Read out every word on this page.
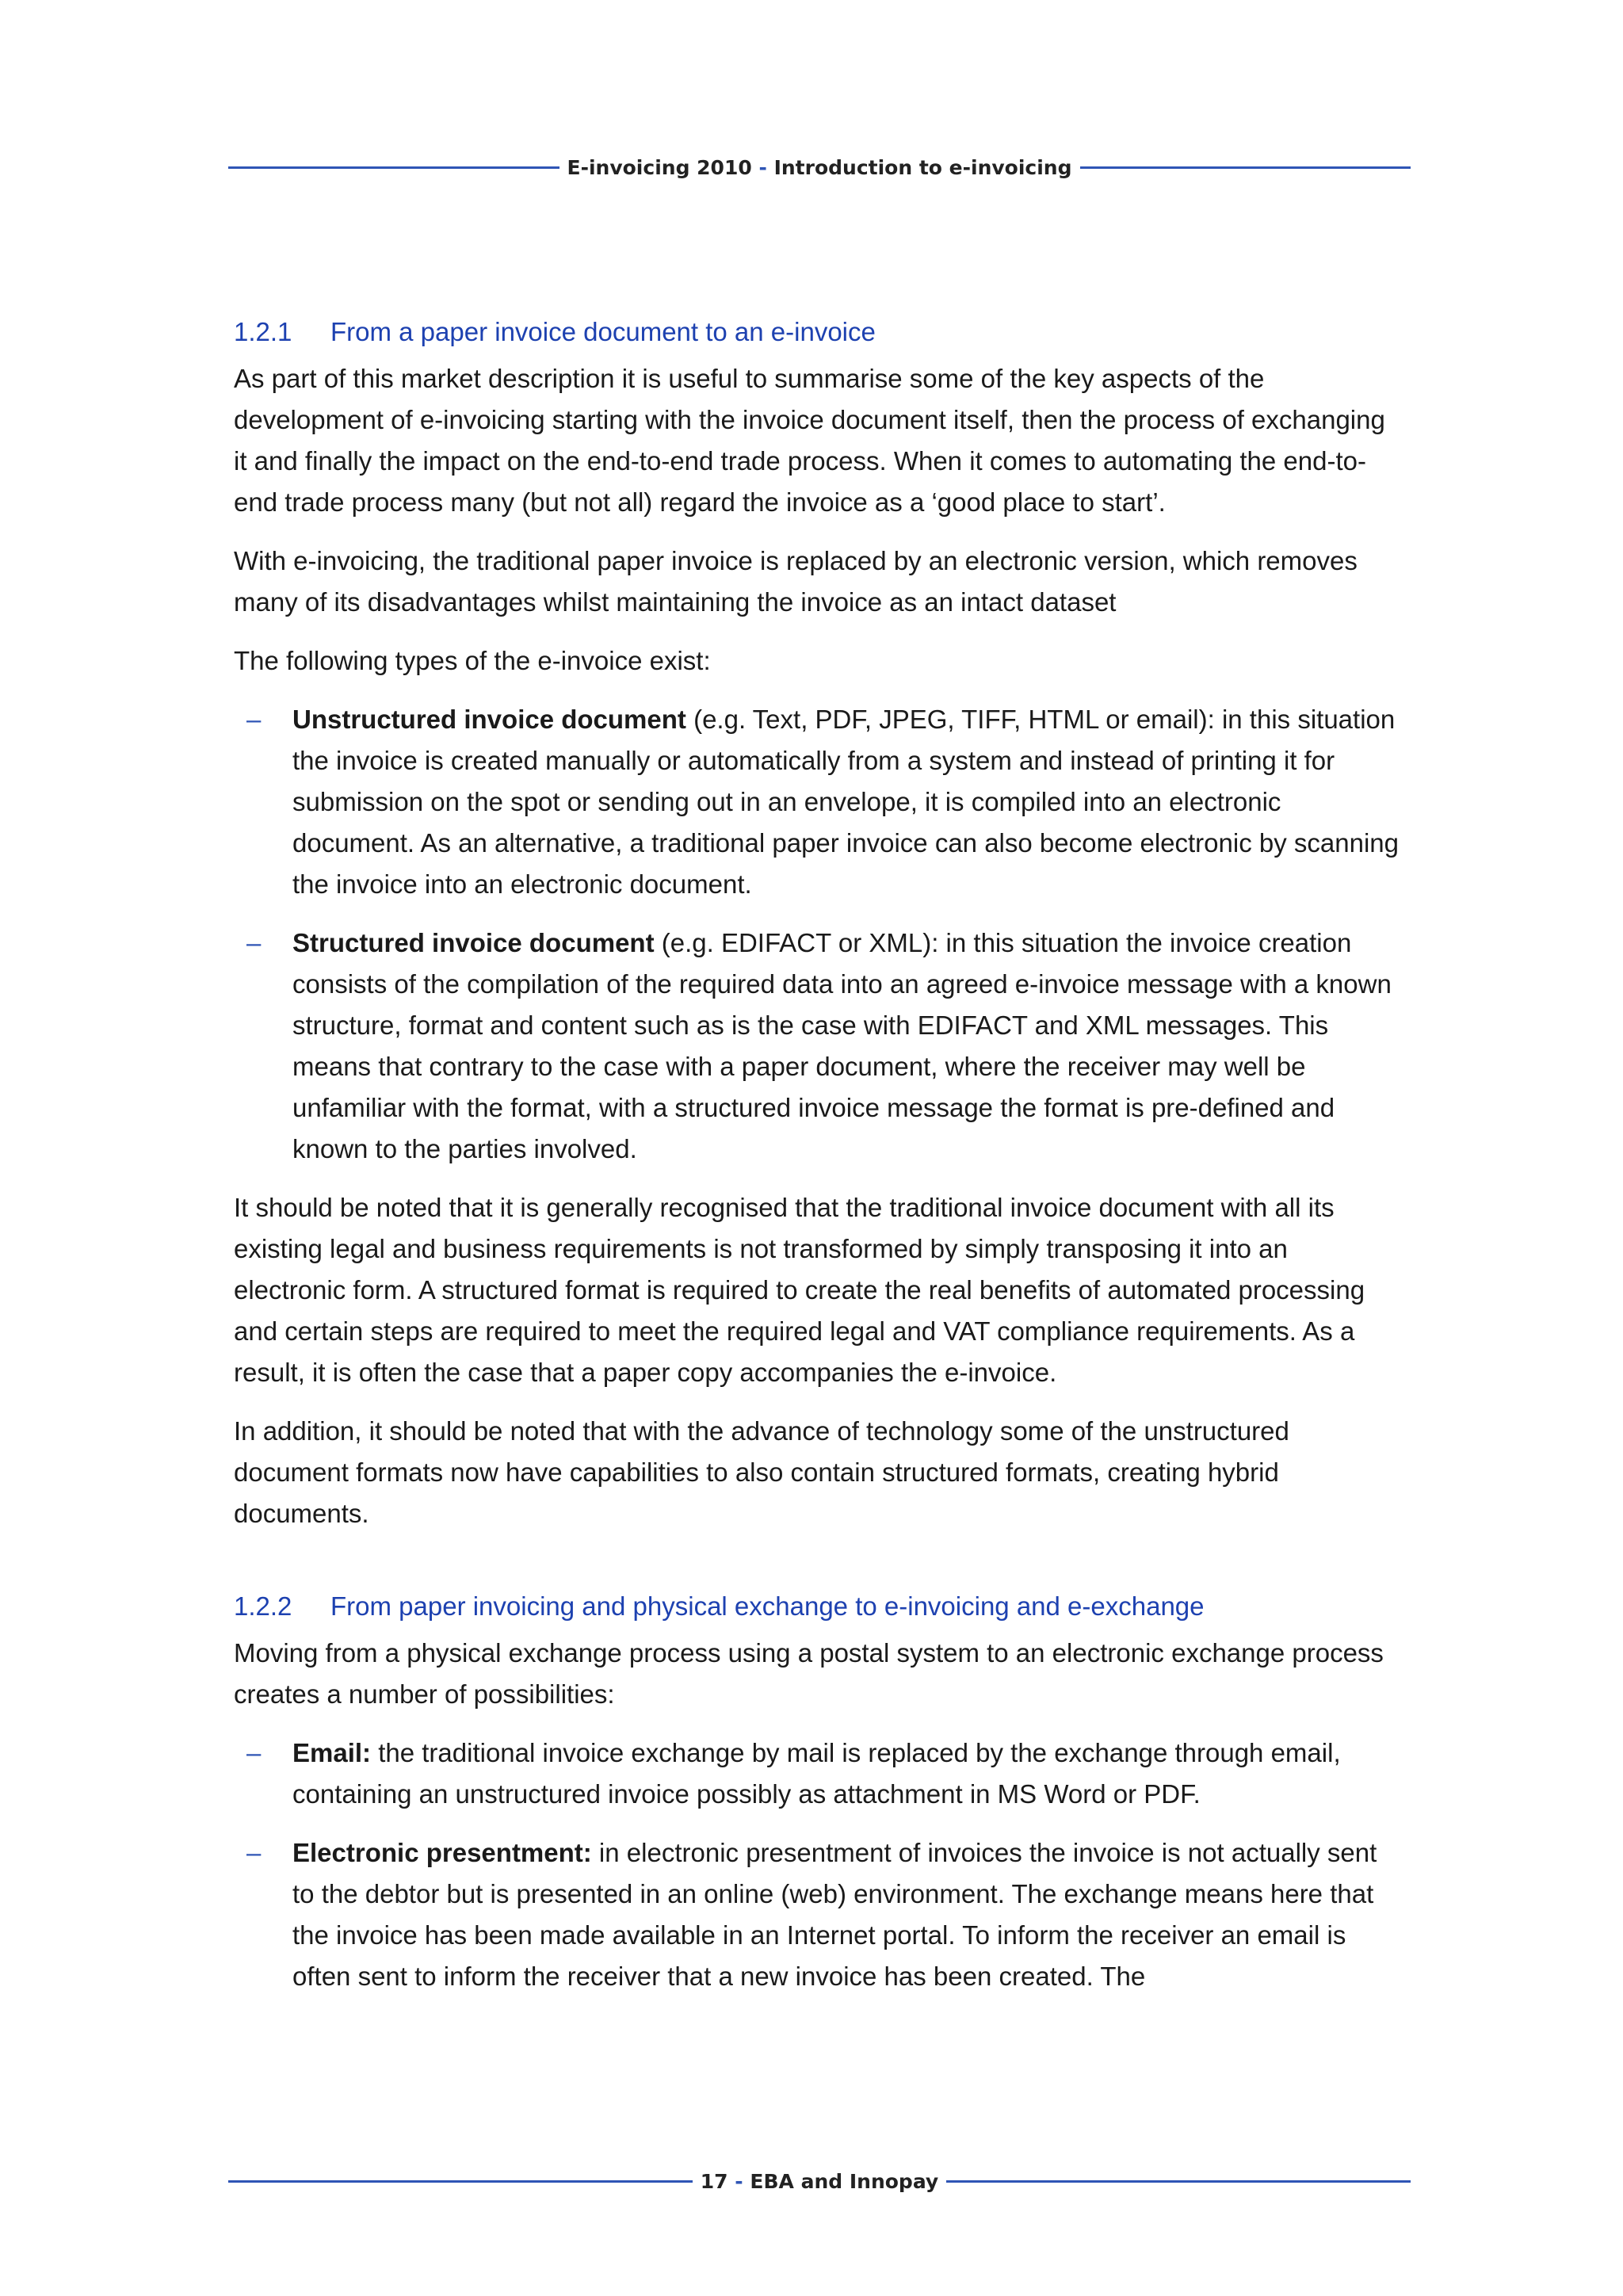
E-invoicing 2010 - Introduction to e-invoicing
1.2.1	From a paper invoice document to an e-invoice

As part of this market description it is useful to summarise some of the key aspects of the development of e-invoicing starting with the invoice document itself, then the process of exchanging it and finally the impact on the end-to-end trade process. When it comes to automating the end-to-end trade process many (but not all) regard the invoice as a ‘good place to start’.

With e-invoicing, the traditional paper invoice is replaced by an electronic version, which removes many of its disadvantages whilst maintaining the invoice as an intact dataset

The following types of the e-invoice exist:

– Unstructured invoice document (e.g. Text, PDF, JPEG, TIFF, HTML or email): in this situation the invoice is created manually or automatically from a system and instead of printing it for submission on the spot or sending out in an envelope, it is compiled into an electronic document. As an alternative, a traditional paper invoice can also become electronic by scanning the invoice into an electronic document.
– Structured invoice document (e.g. EDIFACT or XML): in this situation the invoice creation consists of the compilation of the required data into an agreed e-invoice message with a known structure, format and content such as is the case with EDIFACT and XML messages. This means that contrary to the case with a paper document, where the receiver may well be unfamiliar with the format, with a structured invoice message the format is pre-defined and known to the parties involved.

It should be noted that it is generally recognised that the traditional invoice document with all its existing legal and business requirements is not transformed by simply transposing it into an electronic form. A structured format is required to create the real benefits of automated processing and certain steps are required to meet the required legal and VAT compliance requirements. As a result, it is often the case that a paper copy accompanies the e-invoice.

In addition, it should be noted that with the advance of technology some of the unstructured document formats now have capabilities to also contain structured formats, creating hybrid documents.

1.2.2	From paper invoicing and physical exchange to e-invoicing and e-exchange

Moving from a physical exchange process using a postal system to an electronic exchange process creates a number of possibilities:

– Email: the traditional invoice exchange by mail is replaced by the exchange through email, containing an unstructured invoice possibly as attachment in MS Word or PDF.
– Electronic presentment: in electronic presentment of invoices the invoice is not actually sent to the debtor but is presented in an online (web) environment. The exchange means here that the invoice has been made available in an Internet portal. To inform the receiver an email is often sent to inform the receiver that a new invoice has been created. The
17 - EBA and Innopay
